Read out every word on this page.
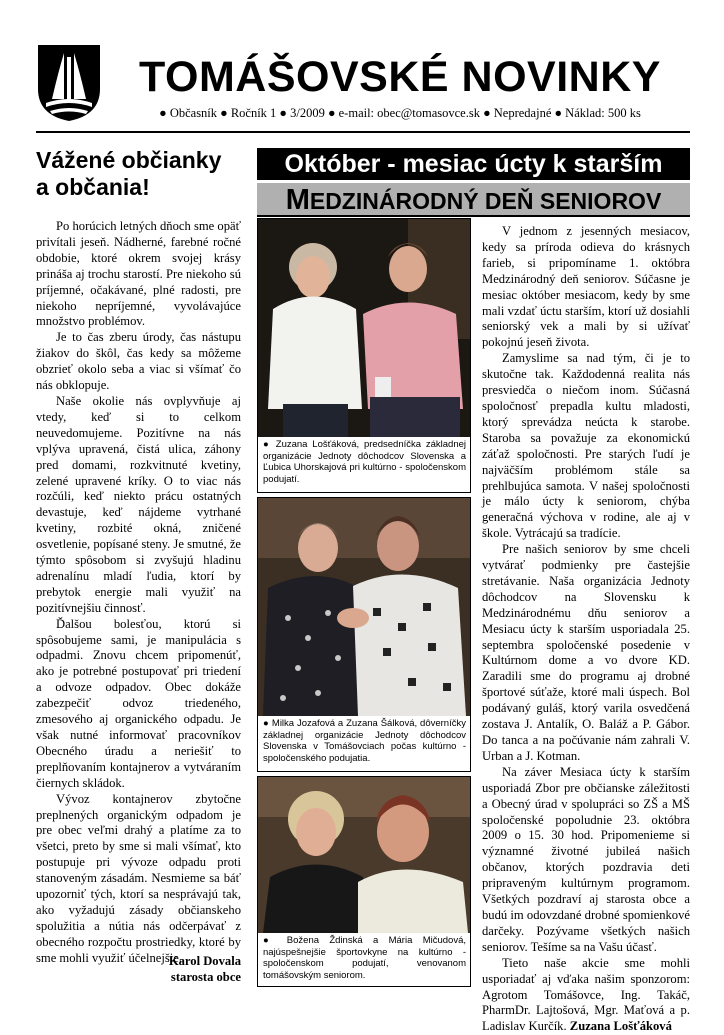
TOMÁŠOVSKÉ NOVINKY
● Občasník ● Ročník 1 ● 3/2009 ● e-mail: obec@tomasovce.sk ● Nepredajné ● Náklad: 500 ks
Vážené občianky
a občania!

Po horúcich letných dňoch sme opäť privítali jeseň. Nádherné, farebné ročné obdobie, ktoré okrem svojej krásy prináša aj trochu starostí. Pre niekoho sú príjemné, očakávané, plné radosti, pre niekoho nepríjemné, vyvolávajúce množstvo problémov.

Je to čas zberu úrody, čas nástupu žiakov do škôl, čas kedy sa môžeme obzrieť okolo seba a viac si všímať čo nás obklopuje.

Naše okolie nás ovplyvňuje aj vtedy, keď si to celkom neuvedomujeme. Pozitívne na nás vplýva upravená, čistá ulica, záhony pred domami, rozkvitnuté kvetiny, zelené upravené kríky. O to viac nás rozčúli, keď niekto prácu ostatných devastuje, keď nájdeme vytrhané kvetiny, rozbité okná, zničené osvetlenie, popísané steny. Je smutné, že týmto spôsobom si zvyšujú hladinu adrenalínu mladí ľudia, ktorí by prebytok energie mali využiť na pozitívnejšiu činnosť.

Ďalšou bolesťou, ktorú si spôsobujeme sami, je manipulácia s odpadmi. Znovu chcem pripomenúť, ako je potrebné postupovať pri triedení a odvoze odpadov. Obec dokáže zabezpečiť odvoz triedeného, zmesového aj organického odpadu. Je však nutné informovať pracovníkov Obecného úradu a neriešiť to preplňovaním kontajnerov a vytváraním čiernych skládok.

Vývoz kontajnerov zbytočne preplnených organickým odpadom je pre obec veľmi drahý a platíme za to všetci, preto by sme si mali všímať, kto postupuje pri vývoze odpadu proti stanoveným zásadám. Nesmieme sa báť upozorniť tých, ktorí sa nesprávajú tak, ako vyžadujú zásady občianskeho spolužitia a nútia nás odčerpávať z obecného rozpočtu prostriedky, ktoré by sme mohli využiť účelnejšie.

Karol Dovala
starosta obce
Október - mesiac úcty k starším
MEDZINÁRODNÝ DEŇ SENIOROV
● Zuzana Lošťáková, predsedníčka základnej organizácie Jednoty dôchodcov Slovenska a Ľubica Uhorskajová pri kultúrno - spoločenskom podujatí.
● Milka Jozafová a Zuzana Šálková, dôverníčky základnej organizácie Jednoty dôchodcov Slovenska v Tomášovciach počas kultúrno - spoločenského podujatia.
● Božena Ždinská a Mária Mičudová, najúspešnejšie športovkyne na kultúrno - spoločenskom podujatí, venovanom tomášovským seniorom.

V jednom z jesenných mesiacov, kedy sa príroda odieva do krásnych farieb, si pripomíname 1. októbra Medzinárodný deň seniorov. Súčasne je mesiac október mesiacom, kedy by sme mali vzdať úctu starším, ktorí už dosiahli seniorský vek a mali by si užívať pokojnú jeseň života.

Zamyslime sa nad tým, či je to skutočne tak. Každodenná realita nás presviedča o niečom inom. Súčasná spoločnosť prepadla kultu mladosti, ktorý sprevádza neúcta k starobe. Staroba sa považuje za ekonomickú záťaž spoločnosti. Pre starých ľudí je najväčším problémom stále sa prehlbujúca samota. V našej spoločnosti je málo úcty k seniorom, chýba generačná výchova v rodine, ale aj v škole. Vytrácajú sa tradície.

Pre našich seniorov by sme chceli vytvárať podmienky pre častejšie stretávanie. Naša organizácia Jednoty dôchodcov na Slovensku k Medzinárodnému dňu seniorov a Mesiacu úcty k starším usporiadala 25. septembra spoločenské posedenie v Kultúrnom dome a vo dvore KD. Zaradili sme do programu aj drobné športové súťaže, ktoré mali úspech. Bol podávaný guláš, ktorý varila osvedčená zostava J. Antalík, O. Baláž a P. Gábor. Do tanca a na počúvanie nám zahrali V. Urban a J. Kotman.

Na záver Mesiaca úcty k starším usporiadá Zbor pre občianske záležitosti a Obecný úrad v spolupráci so ZŠ a MŠ spoločenské popoludnie 23. októbra 2009 o 15. 30 hod. Pripomenieme si významné životné jubileá našich občanov, ktorých pozdravia deti pripraveným kultúrnym programom. Všetkých pozdraví aj starosta obce a budú im odovzdané drobné spomienkové darčeky. Pozývame všetkých našich seniorov. Tešíme sa na Vašu účasť.

Tieto naše akcie sme mohli usporiadať aj vďaka našim sponzorom: Agrotom Tomášovce, Ing. Takáč, PharmDr. Lajtošová, Mgr. Maťová a p. Ladislav Kurčík. Zuzana Lošťáková
